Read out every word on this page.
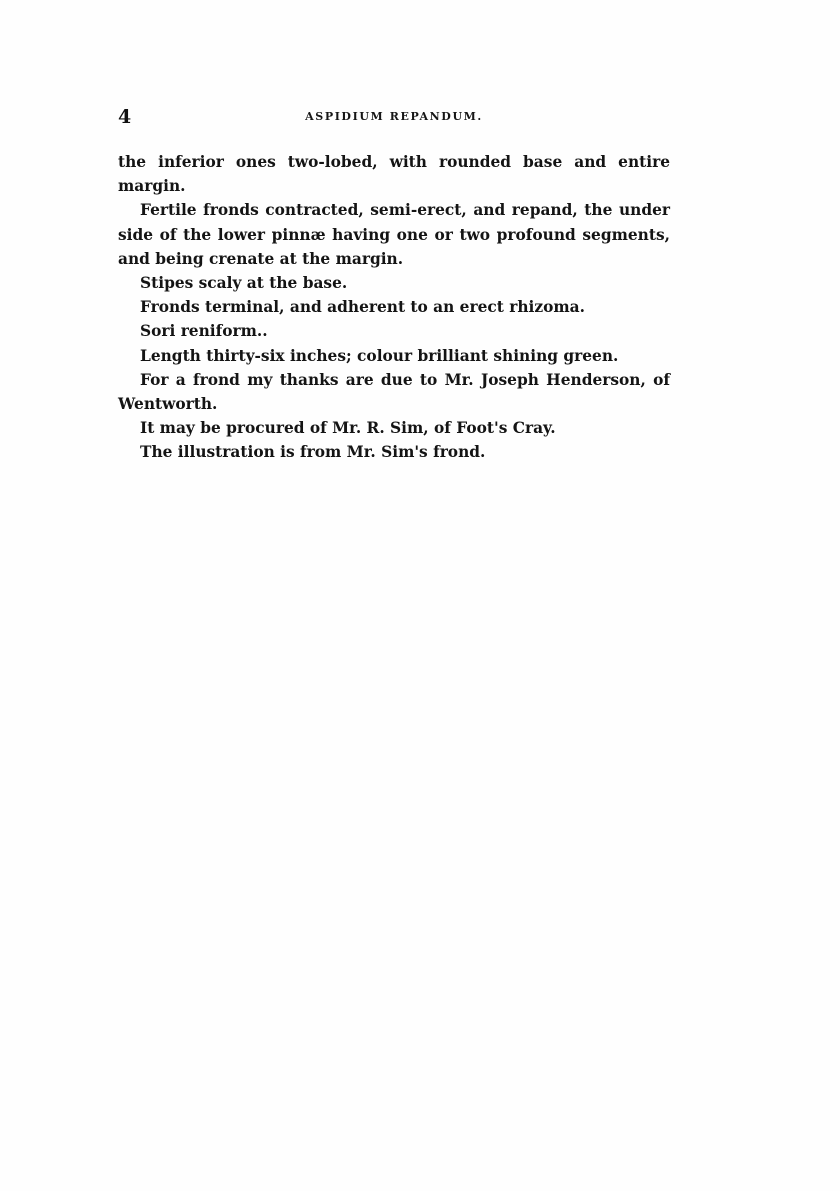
4	ASPIDIUM REPANDUM.

the inferior ones two-lobed, with rounded base and entire margin.

Fertile fronds contracted, semi-erect, and repand, the under side of the lower pinnæ having one or two profound segments, and being crenate at the margin.

Stipes scaly at the base.

Fronds terminal, and adherent to an erect rhizoma.

Sori reniform..

Length thirty-six inches; colour brilliant shining green.

For a frond my thanks are due to Mr. Joseph Henderson, of Wentworth.

It may be procured of Mr. R. Sim, of Foot's Cray.

The illustration is from Mr. Sim's frond.
